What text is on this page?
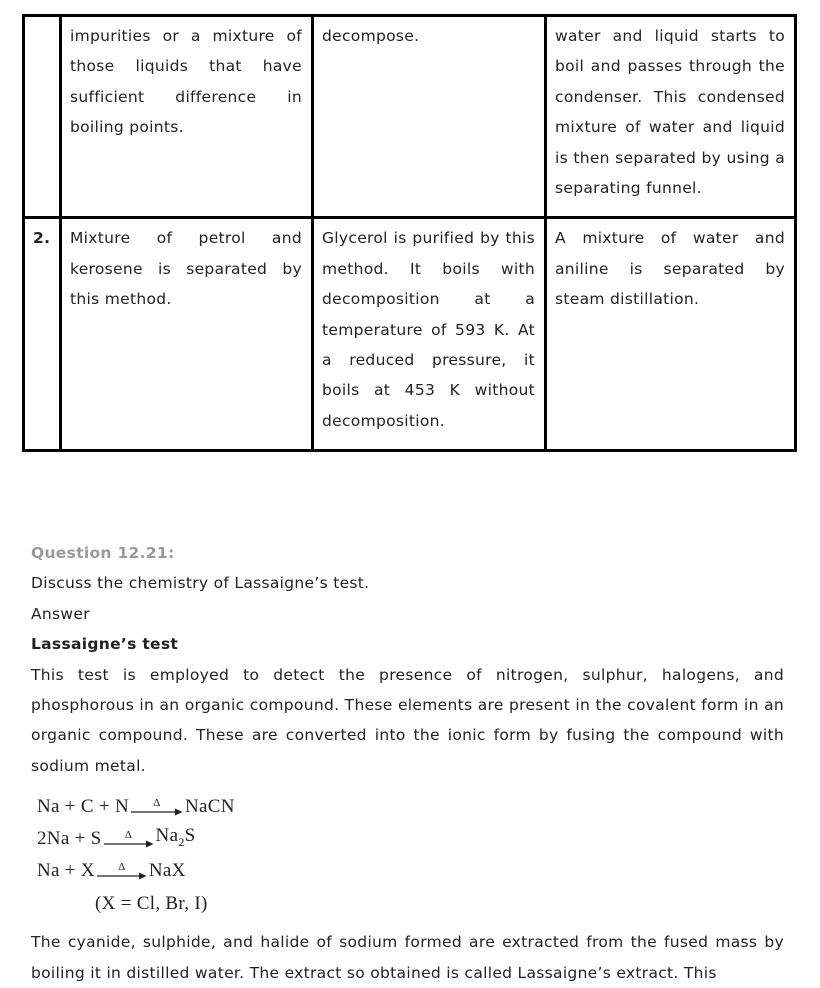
	impurities or a mixture of those liquids that have sufficient difference in boiling points.	decompose.	water and liquid starts to boil and passes through the condenser. This condensed mixture of water and liquid is then separated by using a separating funnel.
2.	Mixture of petrol and kerosene is separated by this method.	Glycerol is purified by this method. It boils with decomposition at a temperature of 593 K. At a reduced pressure, it boils at 453 K without decomposition.	A mixture of water and aniline is separated by steam distillation.

Question 12.21:

Discuss the chemistry of Lassaigne’s test.

Answer

Lassaigne’s test

This test is employed to detect the presence of nitrogen, sulphur, halogens, and phosphorous in an organic compound. These elements are present in the covalent form in an organic compound. These are converted into the ionic form by fusing the compound with sodium metal.

Na + C + N Δ NaCN
2Na + S Δ $Na_2S$
Na + X Δ NaX
(X = Cl, Br, I)

The cyanide, sulphide, and halide of sodium formed are extracted from the fused mass by boiling it in distilled water. The extract so obtained is called Lassaigne’s extract. This
